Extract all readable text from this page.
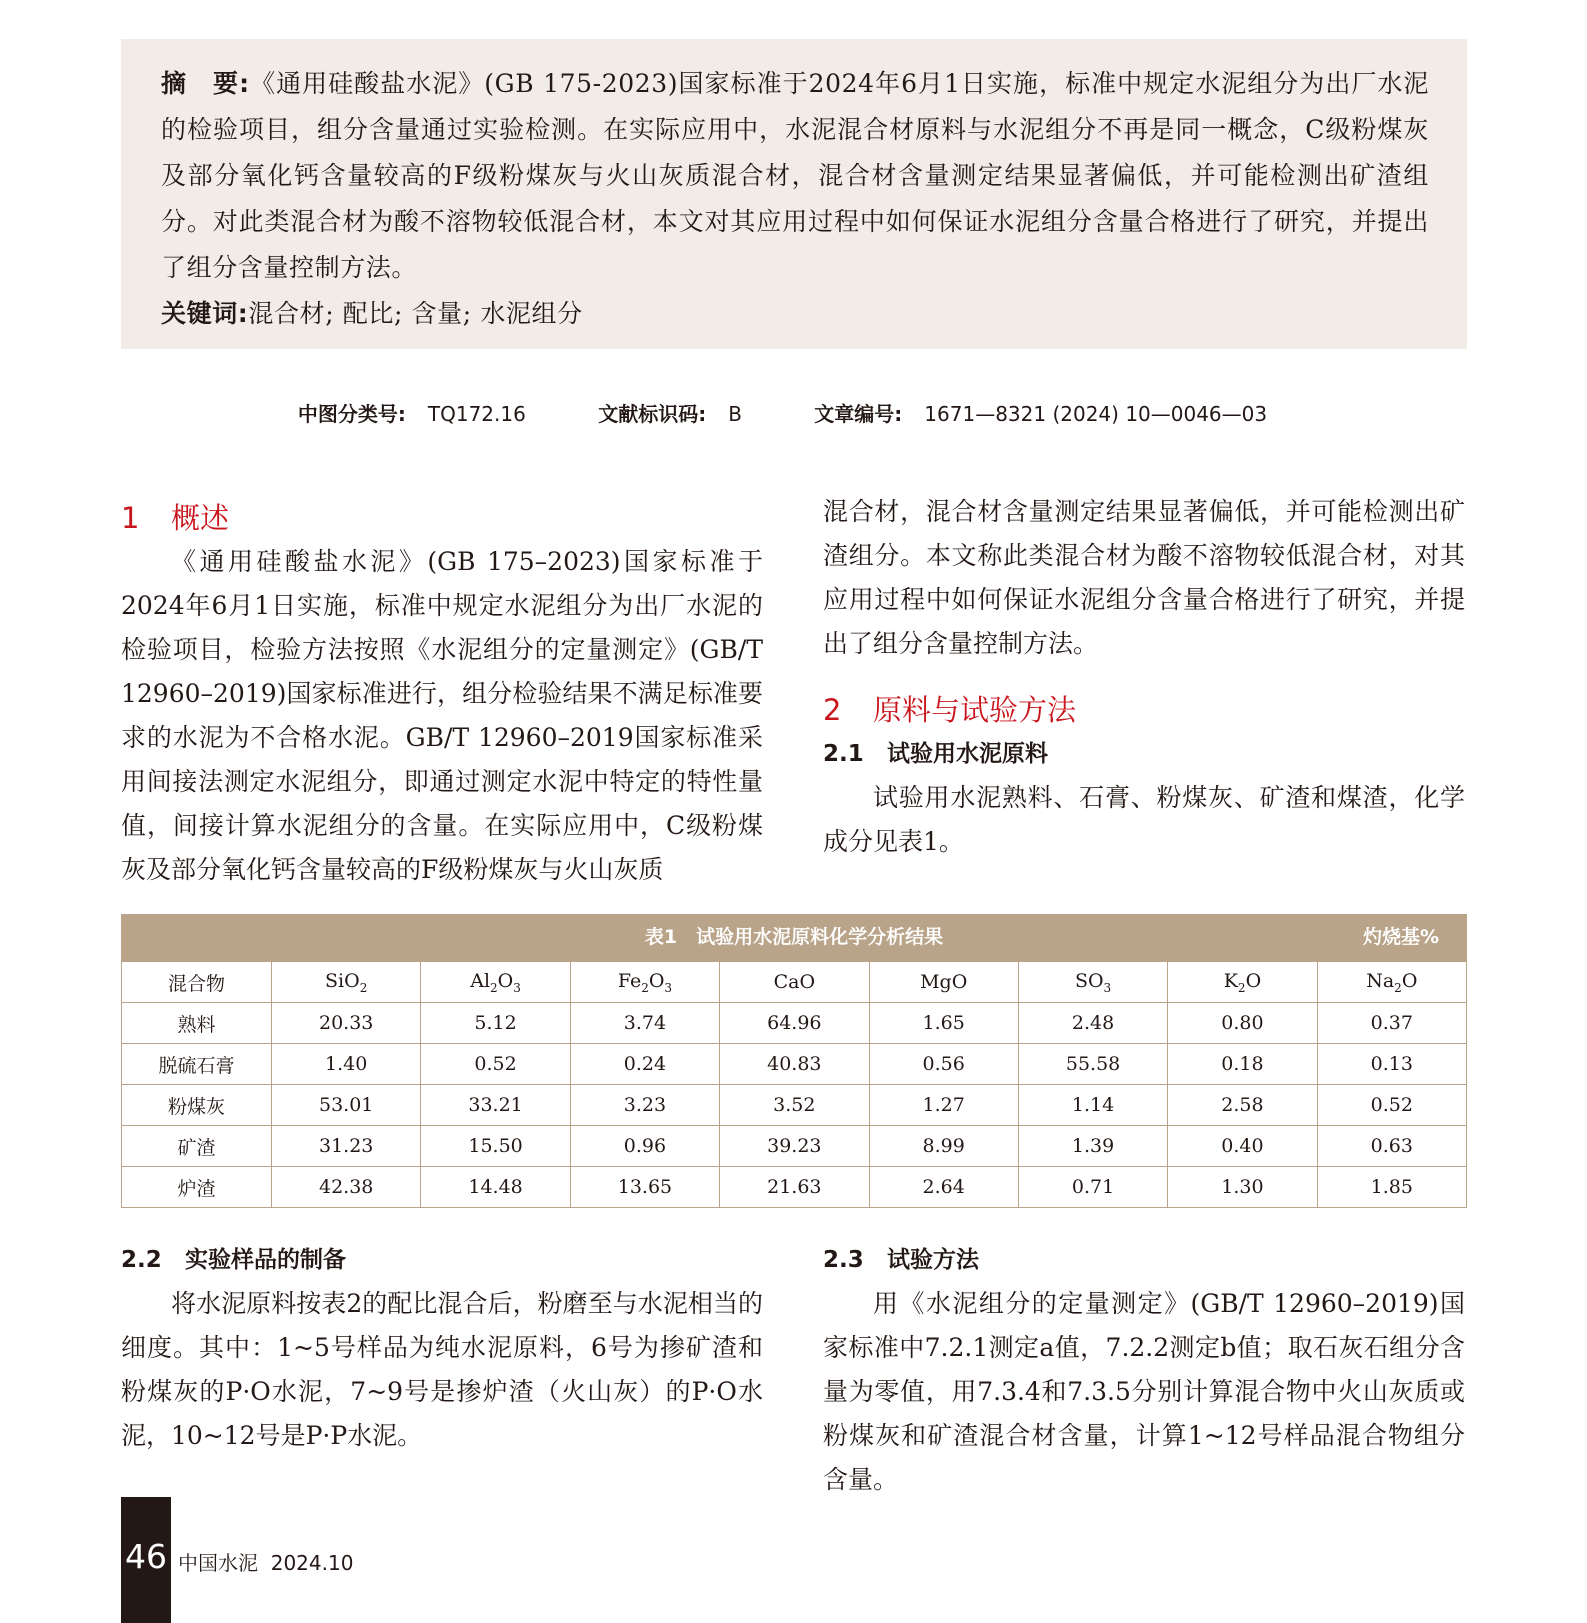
摘　要:《通用硅酸盐水泥》(GB 175-2023)国家标准于2024年6月1日实施，标准中规定水泥组分为出厂水泥的检验项目，组分含量通过实验检测。在实际应用中，水泥混合材原料与水泥组分不再是同一概念，C级粉煤灰及部分氧化钙含量较高的F级粉煤灰与火山灰质混合材，混合材含量测定结果显著偏低，并可能检测出矿渣组分。对此类混合材为酸不溶物较低混合材，本文对其应用过程中如何保证水泥组分含量合格进行了研究，并提出了组分含量控制方法。

关键词:混合材; 配比; 含量; 水泥组分

中图分类号: TQ172.16	文献标识码: B	文章编号: 1671—8321 (2024) 10—0046—03
1 概述

《通用硅酸盐水泥》(GB 175–2023)国家标准于2024年6月1日实施，标准中规定水泥组分为出厂水泥的检验项目，检验方法按照《水泥组分的定量测定》(GB/T 12960–2019)国家标准进行，组分检验结果不满足标准要求的水泥为不合格水泥。GB/T 12960–2019国家标准采用间接法测定水泥组分，即通过测定水泥中特定的特性量值，间接计算水泥组分的含量。在实际应用中，C级粉煤灰及部分氧化钙含量较高的F级粉煤灰与火山灰质

混合材，混合材含量测定结果显著偏低，并可能检测出矿渣组分。本文称此类混合材为酸不溶物较低混合材，对其应用过程中如何保证水泥组分含量合格进行了研究，并提出了组分含量控制方法。

2 原料与试验方法
2.1 试验用水泥原料

试验用水泥熟料、石膏、粉煤灰、矿渣和煤渣，化学成分见表1。

表1　试验用水泥原料化学分析结果	灼烧基%
混合物	SiO$_2$	$Al_2O_3$	$Fe_2O_3$	CaO	MgO	$SO_3$	$K_2O$	$Na_2O$
熟料	20.33	5.12	3.74	64.96	1.65	2.48	0.80	0.37
脱硫石膏	1.40	0.52	0.24	40.83	0.56	55.58	0.18	0.13
粉煤灰	53.01	33.21	3.23	3.52	1.27	1.14	2.58	0.52
矿渣	31.23	15.50	0.96	39.23	8.99	1.39	0.40	0.63
炉渣	42.38	14.48	13.65	21.63	2.64	0.71	1.30	1.85
2.2 实验样品的制备

将水泥原料按表2的配比混合后，粉磨至与水泥相当的细度。其中：1~5号样品为纯水泥原料，6号为掺矿渣和粉煤灰的P·O水泥，7~9号是掺炉渣（火山灰）的P·O水泥，10~12号是P·P水泥。

2.3 试验方法

用《水泥组分的定量测定》(GB/T 12960–2019)国家标准中7.2.1测定a值，7.2.2测定b值；取石灰石组分含量为零值，用7.3.4和7.3.5分别计算混合物中火山灰质或粉煤灰和矿渣混合材含量，计算1~12号样品混合物组分含量。

46 中国水泥 2024.10
